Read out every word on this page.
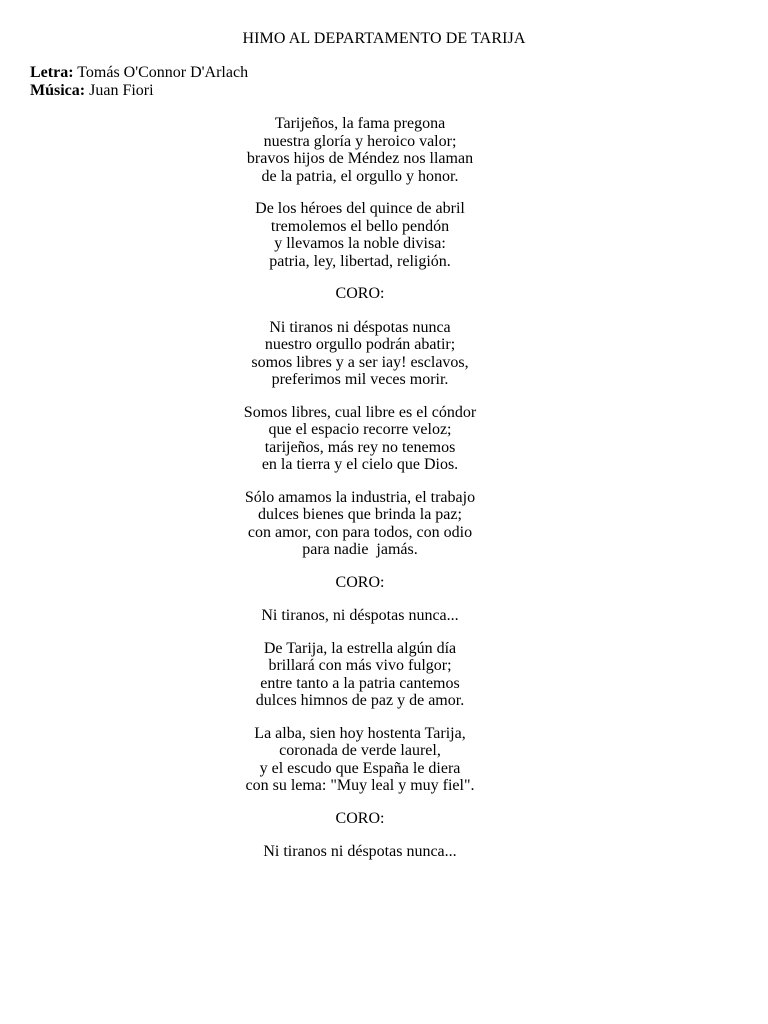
HIMO AL DEPARTAMENTO DE TARIJA
Letra: Tomás O'Connor D'Arlach
Música: Juan Fiori
Tarijeños, la fama pregona
nuestra gloría y heroico valor;
bravos hijos de Méndez nos llaman
de la patria, el orgullo y honor.
De los héroes del quince de abril
tremolemos el bello pendón
y llevamos la noble divisa:
patria, ley, libertad, religión.
CORO:
Ni tiranos ni déspotas nunca
nuestro orgullo podrán abatir;
somos libres y a ser iay! esclavos,
preferimos mil veces morir.
Somos libres, cual libre es el cóndor
que el espacio recorre veloz;
tarijeños, más rey no tenemos
en la tierra y el cielo que Dios.
Sólo amamos la industria, el trabajo
dulces bienes que brinda la paz;
con amor, con para todos, con odio
para nadie  jamás.
CORO:
Ni tiranos, ni déspotas nunca...
De Tarija, la estrella algún día
brillará con más vivo fulgor;
entre tanto a la patria cantemos
dulces himnos de paz y de amor.
La alba, sien hoy hostenta Tarija,
coronada de verde laurel,
y el escudo que España le diera
con su lema: "Muy leal y muy fiel".
CORO:
Ni tiranos ni déspotas nunca...
